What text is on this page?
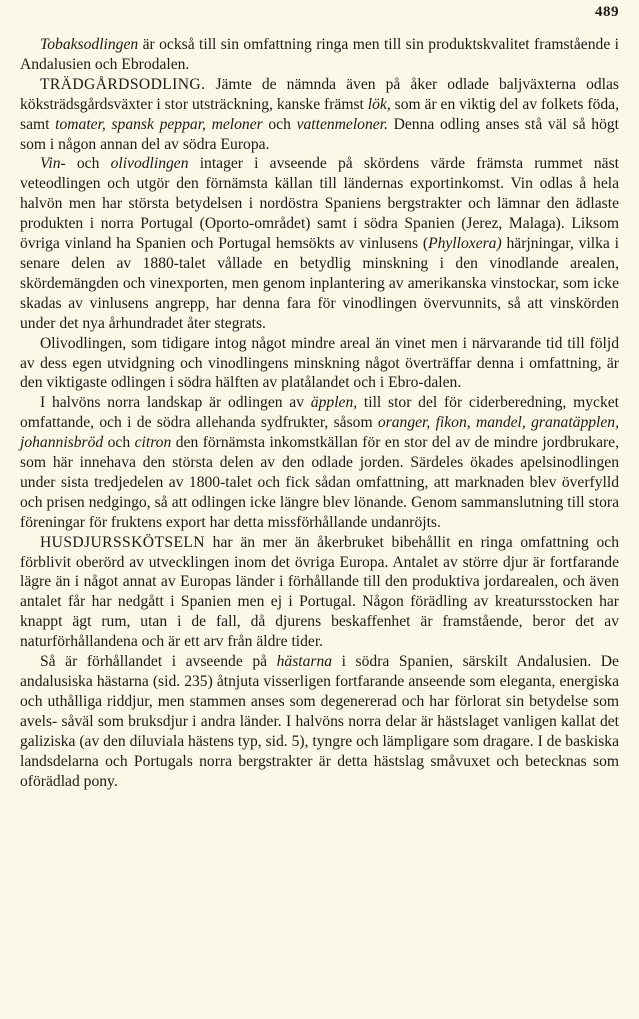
489

Tobaksodlingen är också till sin omfattning ringa men till sin produktskvalitet framstående i Andalusien och Ebrodalen.

TRÄDGÅRDSODLING. Jämte de nämnda även på åker odlade baljväxterna odlas köksträdsgårdsväxter i stor utsträckning, kanske främst lök, som är en viktig del av folkets föda, samt tomater, spansk peppar, meloner och vattenmeloner. Denna odling anses stå väl så högt som i någon annan del av södra Europa.

Vin- och olivodlingen intager i avseende på skördens värde främsta rummet näst veteodlingen och utgör den förnämsta källan till ländernas exportinkomst. Vin odlas å hela halvön men har största betydelsen i nordöstra Spaniens bergstrakter och lämnar den ädlaste produkten i norra Portugal (Oporto-området) samt i södra Spanien (Jerez, Malaga). Liksom övriga vinland ha Spanien och Portugal hemsökts av vinlusens (Phylloxera) härjningar, vilka i senare delen av 1880-talet vållade en betydlig minskning i den vinodlande arealen, skördemängden och vinexporten, men genom inplantering av amerikanska vinstockar, som icke skadas av vinlusens angrepp, har denna fara för vinodlingen övervunnits, så att vinskörden under det nya århundradet åter stegrats.

Olivodlingen, som tidigare intog något mindre areal än vinet men i närvarande tid till följd av dess egen utvidgning och vinodlingens minskning något överträffar denna i omfattning, är den viktigaste odlingen i södra hälften av platålandet och i Ebro-dalen.

I halvöns norra landskap är odlingen av äpplen, till stor del för ciderberedning, mycket omfattande, och i de södra allehanda sydfrukter, såsom oranger, fikon, mandel, granatäpplen, johannisbröd och citron den förnämsta inkomstkällan för en stor del av de mindre jordbrukare, som här innehava den största delen av den odlade jorden. Särdeles ökades apelsinodlingen under sista tredjedelen av 1800-talet och fick sådan omfattning, att marknaden blev överfylld och prisen nedgingo, så att odlingen icke längre blev lönande. Genom sammanslutning till stora föreningar för fruktens export har detta missförhållande undanröjts.

HUSDJURSSKÖTSELN har än mer än åkerbruket bibehållit en ringa omfattning och förblivit oberörd av utvecklingen inom det övriga Europa. Antalet av större djur är fortfarande lägre än i något annat av Europas länder i förhållande till den produktiva jordarealen, och även antalet får har nedgått i Spanien men ej i Portugal. Någon förädling av kreatursstocken har knappt ägt rum, utan i de fall, då djurens beskaffenhet är framstående, beror det av naturförhållandena och är ett arv från äldre tider.

Så är förhållandet i avseende på hästarna i södra Spanien, särskilt Andalusien. De andalusiska hästarna (sid. 235) åtnjuta visserligen fortfarande anseende som eleganta, energiska och uthålliga riddjur, men stammen anses som degenererad och har förlorat sin betydelse som avels- såväl som bruksdjur i andra länder. I halvöns norra delar är hästslaget vanligen kallat det galiziska (av den diluviala hästens typ, sid. 5), tyngre och lämpligare som dragare. I de baskiska landsdelarna och Portugals norra bergstrakter är detta hästslag småvuxet och betecknas som oförädlad pony.
